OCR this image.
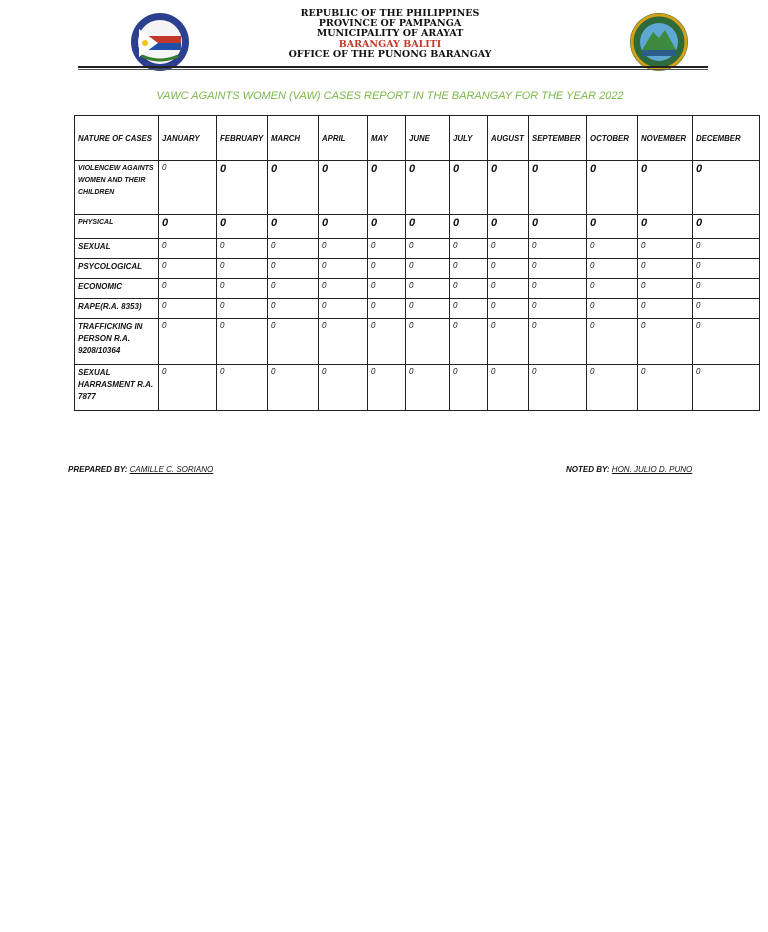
REPUBLIC OF THE PHILIPPINES
PROVINCE OF PAMPANGA
MUNICIPALITY OF ARAYAT
BARANGAY BALITI
OFFICE OF THE PUNONG BARANGAY
VAWC AGAINTS WOMEN (VAW) CASES REPORT IN THE BARANGAY FOR THE YEAR 2022
NATURE OF CASES	JANUARY	FEBRUARY	MARCH	APRIL	MAY	JUNE	JULY	AUGUST	SEPTEMBER	OCTOBER	NOVEMBER	DECEMBER
VIOLENCEW AGAINTS WOMEN AND THEIR CHILDREN	0	0	0	0	0	0	0	0	0	0	0	0
PHYSICAL	0	0	0	0	0	0	0	0	0	0	0	0
SEXUAL	0	0	0	0	0	0	0	0	0	0	0	0
PSYCOLOGICAL	0	0	0	0	0	0	0	0	0	0	0	0
ECONOMIC	0	0	0	0	0	0	0	0	0	0	0	0
RAPE(R.A. 8353)	0	0	0	0	0	0	0	0	0	0	0	0
TRAFFICKING IN PERSON R.A. 9208/10364	0	0	0	0	0	0	0	0	0	0	0	0
SEXUAL HARRASMENT R.A. 7877	0	0	0	0	0	0	0	0	0	0	0	0
PREPARED BY: CAMILLE C. SORIANO	NOTED BY: HON. JULIO D. PUNO
